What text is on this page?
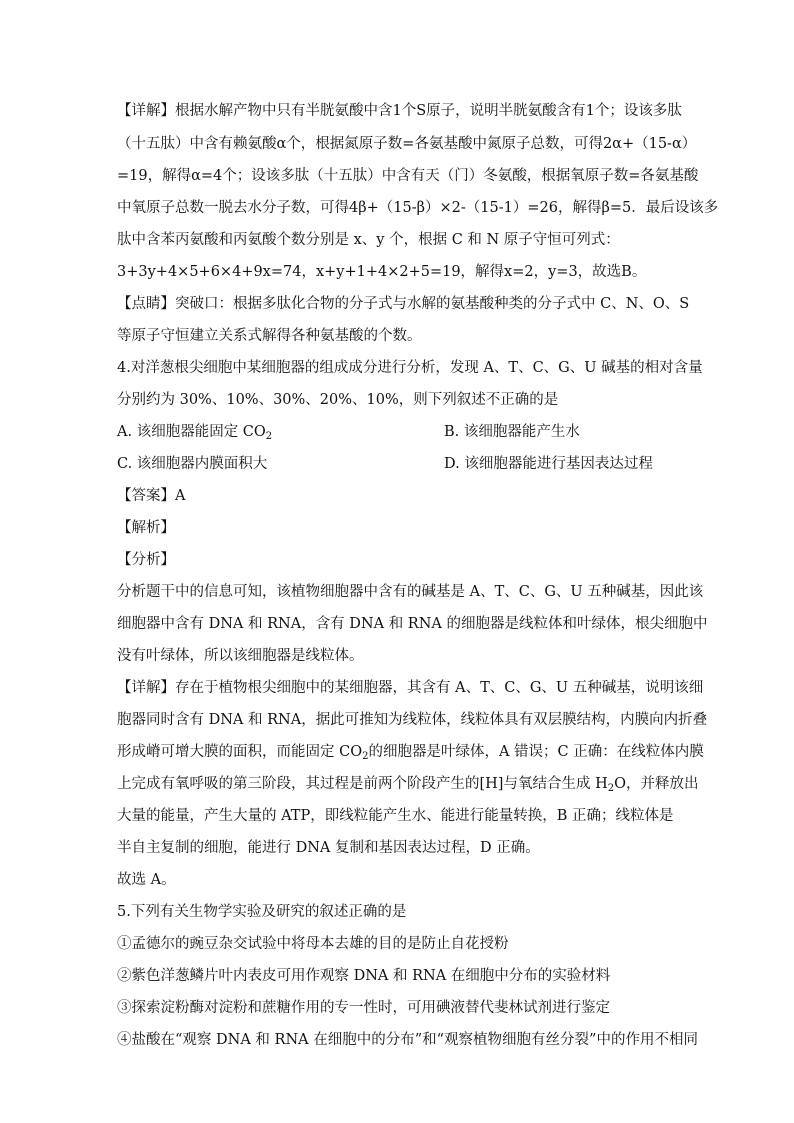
【详解】根据水解产物中只有半胱氨酸中含1个S原子，说明半胱氨酸含有1个；设该多肽
（十五肽）中含有赖氨酸α个，根据氮原子数=各氨基酸中氮原子总数，可得2α+（15-α）
=19，解得α=4个；设该多肽（十五肽）中含有天（门）冬氨酸，根据氧原子数=各氨基酸
中氧原子总数一脱去水分子数，可得4β+（15-β）×2-（15-1）=26，解得β=5．最后设该多
肽中含苯丙氨酸和丙氨酸个数分别是 x、y 个，根据 C 和 N 原子守恒可列式：
3+3y+4×5+6×4+9x=74，x+y+1+4×2+5=19，解得x=2，y=3，故选B。
【点睛】突破口：根据多肽化合物的分子式与水解的氨基酸种类的分子式中 C、N、O、S
等原子守恒建立关系式解得各种氨基酸的个数。
4.对洋葱根尖细胞中某细胞器的组成成分进行分析，发现 A、T、C、G、U 碱基的相对含量
分别约为 30%、10%、30%、20%、10%，则下列叙述不正确的是
A. 该细胞器能固定 $CO_2$	B. 该细胞器能产生水
C. 该细胞器内膜面积大	D. 该细胞器能进行基因表达过程
【答案】A
【解析】
【分析】
分析题干中的信息可知，该植物细胞器中含有的碱基是 A、T、C、G、U 五种碱基，因此该
细胞器中含有 DNA 和 RNA，含有 DNA 和 RNA 的细胞器是线粒体和叶绿体，根尖细胞中
没有叶绿体，所以该细胞器是线粒体。
【详解】存在于植物根尖细胞中的某细胞器，其含有 A、T、C、G、U 五种碱基，说明该细
胞器同时含有 DNA 和 RNA，据此可推知为线粒体，线粒体具有双层膜结构，内膜向内折叠
形成嵴可增大膜的面积，而能固定 $CO_2$的细胞器是叶绿体，A 错误；C 正确：在线粒体内膜
上完成有氧呼吸的第三阶段，其过程是前两个阶段产生的[H]与氧结合生成 $H_2O$，并释放出
大量的能量，产生大量的 ATP，即线粒能产生水、能进行能量转换，B 正确；线粒体是
半自主复制的细胞，能进行 DNA 复制和基因表达过程，D 正确。
故选 A。
5.下列有关生物学实验及研究的叙述正确的是
①孟德尔的豌豆杂交试验中将母本去雄的目的是防止自花授粉
②紫色洋葱鳞片叶内表皮可用作观察 DNA 和 RNA 在细胞中分布的实验材料
③探索淀粉酶对淀粉和蔗糖作用的专一性时，可用碘液替代斐林试剂进行鉴定
④盐酸在“观察 DNA 和 RNA 在细胞中的分布”和“观察植物细胞有丝分裂”中的作用不相同
